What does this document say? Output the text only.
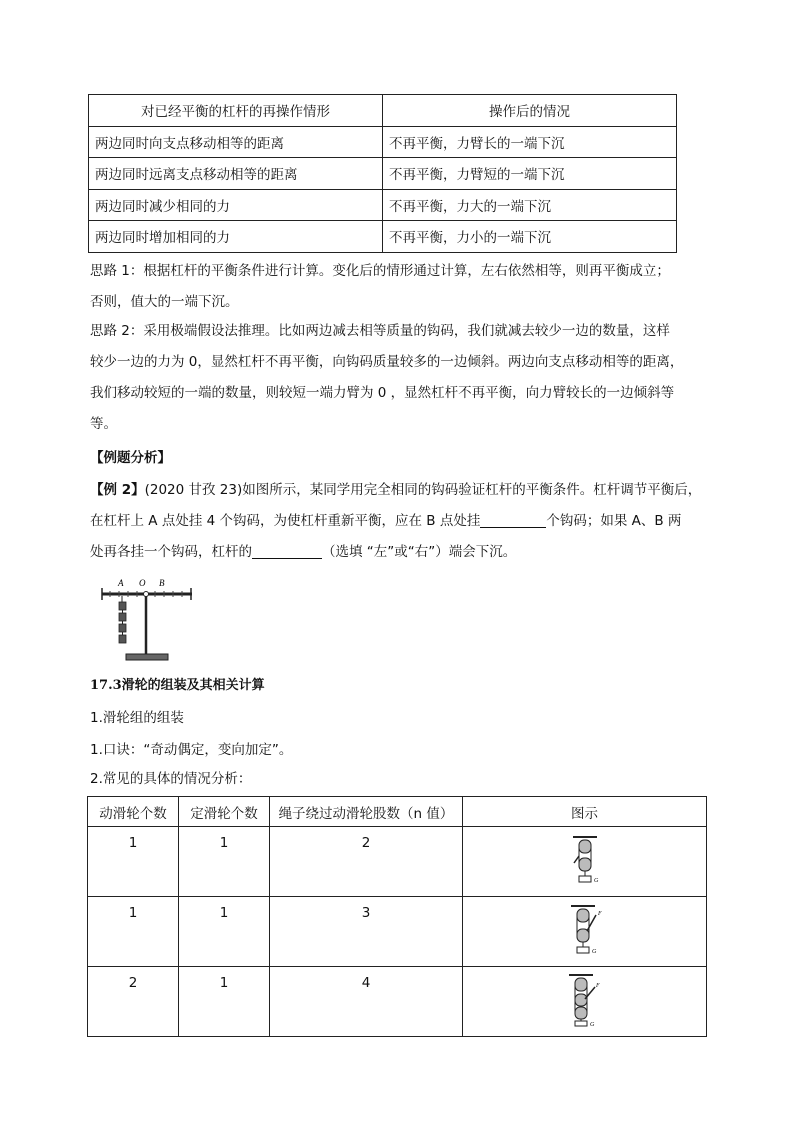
对已经平衡的杠杆的再操作情形	操作后的情况
两边同时向支点移动相等的距离	不再平衡，力臂长的一端下沉
两边同时远离支点移动相等的距离	不再平衡，力臂短的一端下沉
两边同时减少相同的力	不再平衡，力大的一端下沉
两边同时增加相同的力	不再平衡，力小的一端下沉
思路 1：根据杠杆的平衡条件进行计算。变化后的情形通过计算，左右依然相等，则再平衡成立；
否则，值大的一端下沉。
思路 2：采用极端假设法推理。比如两边减去相等质量的钩码，我们就减去较少一边的数量，这样
较少一边的力为 0，显然杠杆不再平衡，向钩码质量较多的一边倾斜。两边向支点移动相等的距离，
我们移动较短的一端的数量，则较短一端力臂为 0 ，显然杠杆不再平衡，向力臂较长的一边倾斜等
等。
【例题分析】
【例 2】(2020 甘孜 23)如图所示，某同学用完全相同的钩码验证杠杆的平衡条件。杠杆调节平衡后，
在杠杆上 A 点处挂 4 个钩码，为使杠杆重新平衡，应在 B 点处挂	个钩码；如果 A、B 两
处再各挂一个钩码，杠杆的	（选填 “左”或“右”）端会下沉。
A O B
17.3滑轮的组装及其相关计算
1.滑轮组的组装
1.口诀：“奇动偶定，变向加定”。
2.常见的具体的情况分析：
动滑轮个数	定滑轮个数	绳子绕过动滑轮股数（n 值）	图示
1	1	2	G

1	1	3	F
G

2	1	4	F
G
